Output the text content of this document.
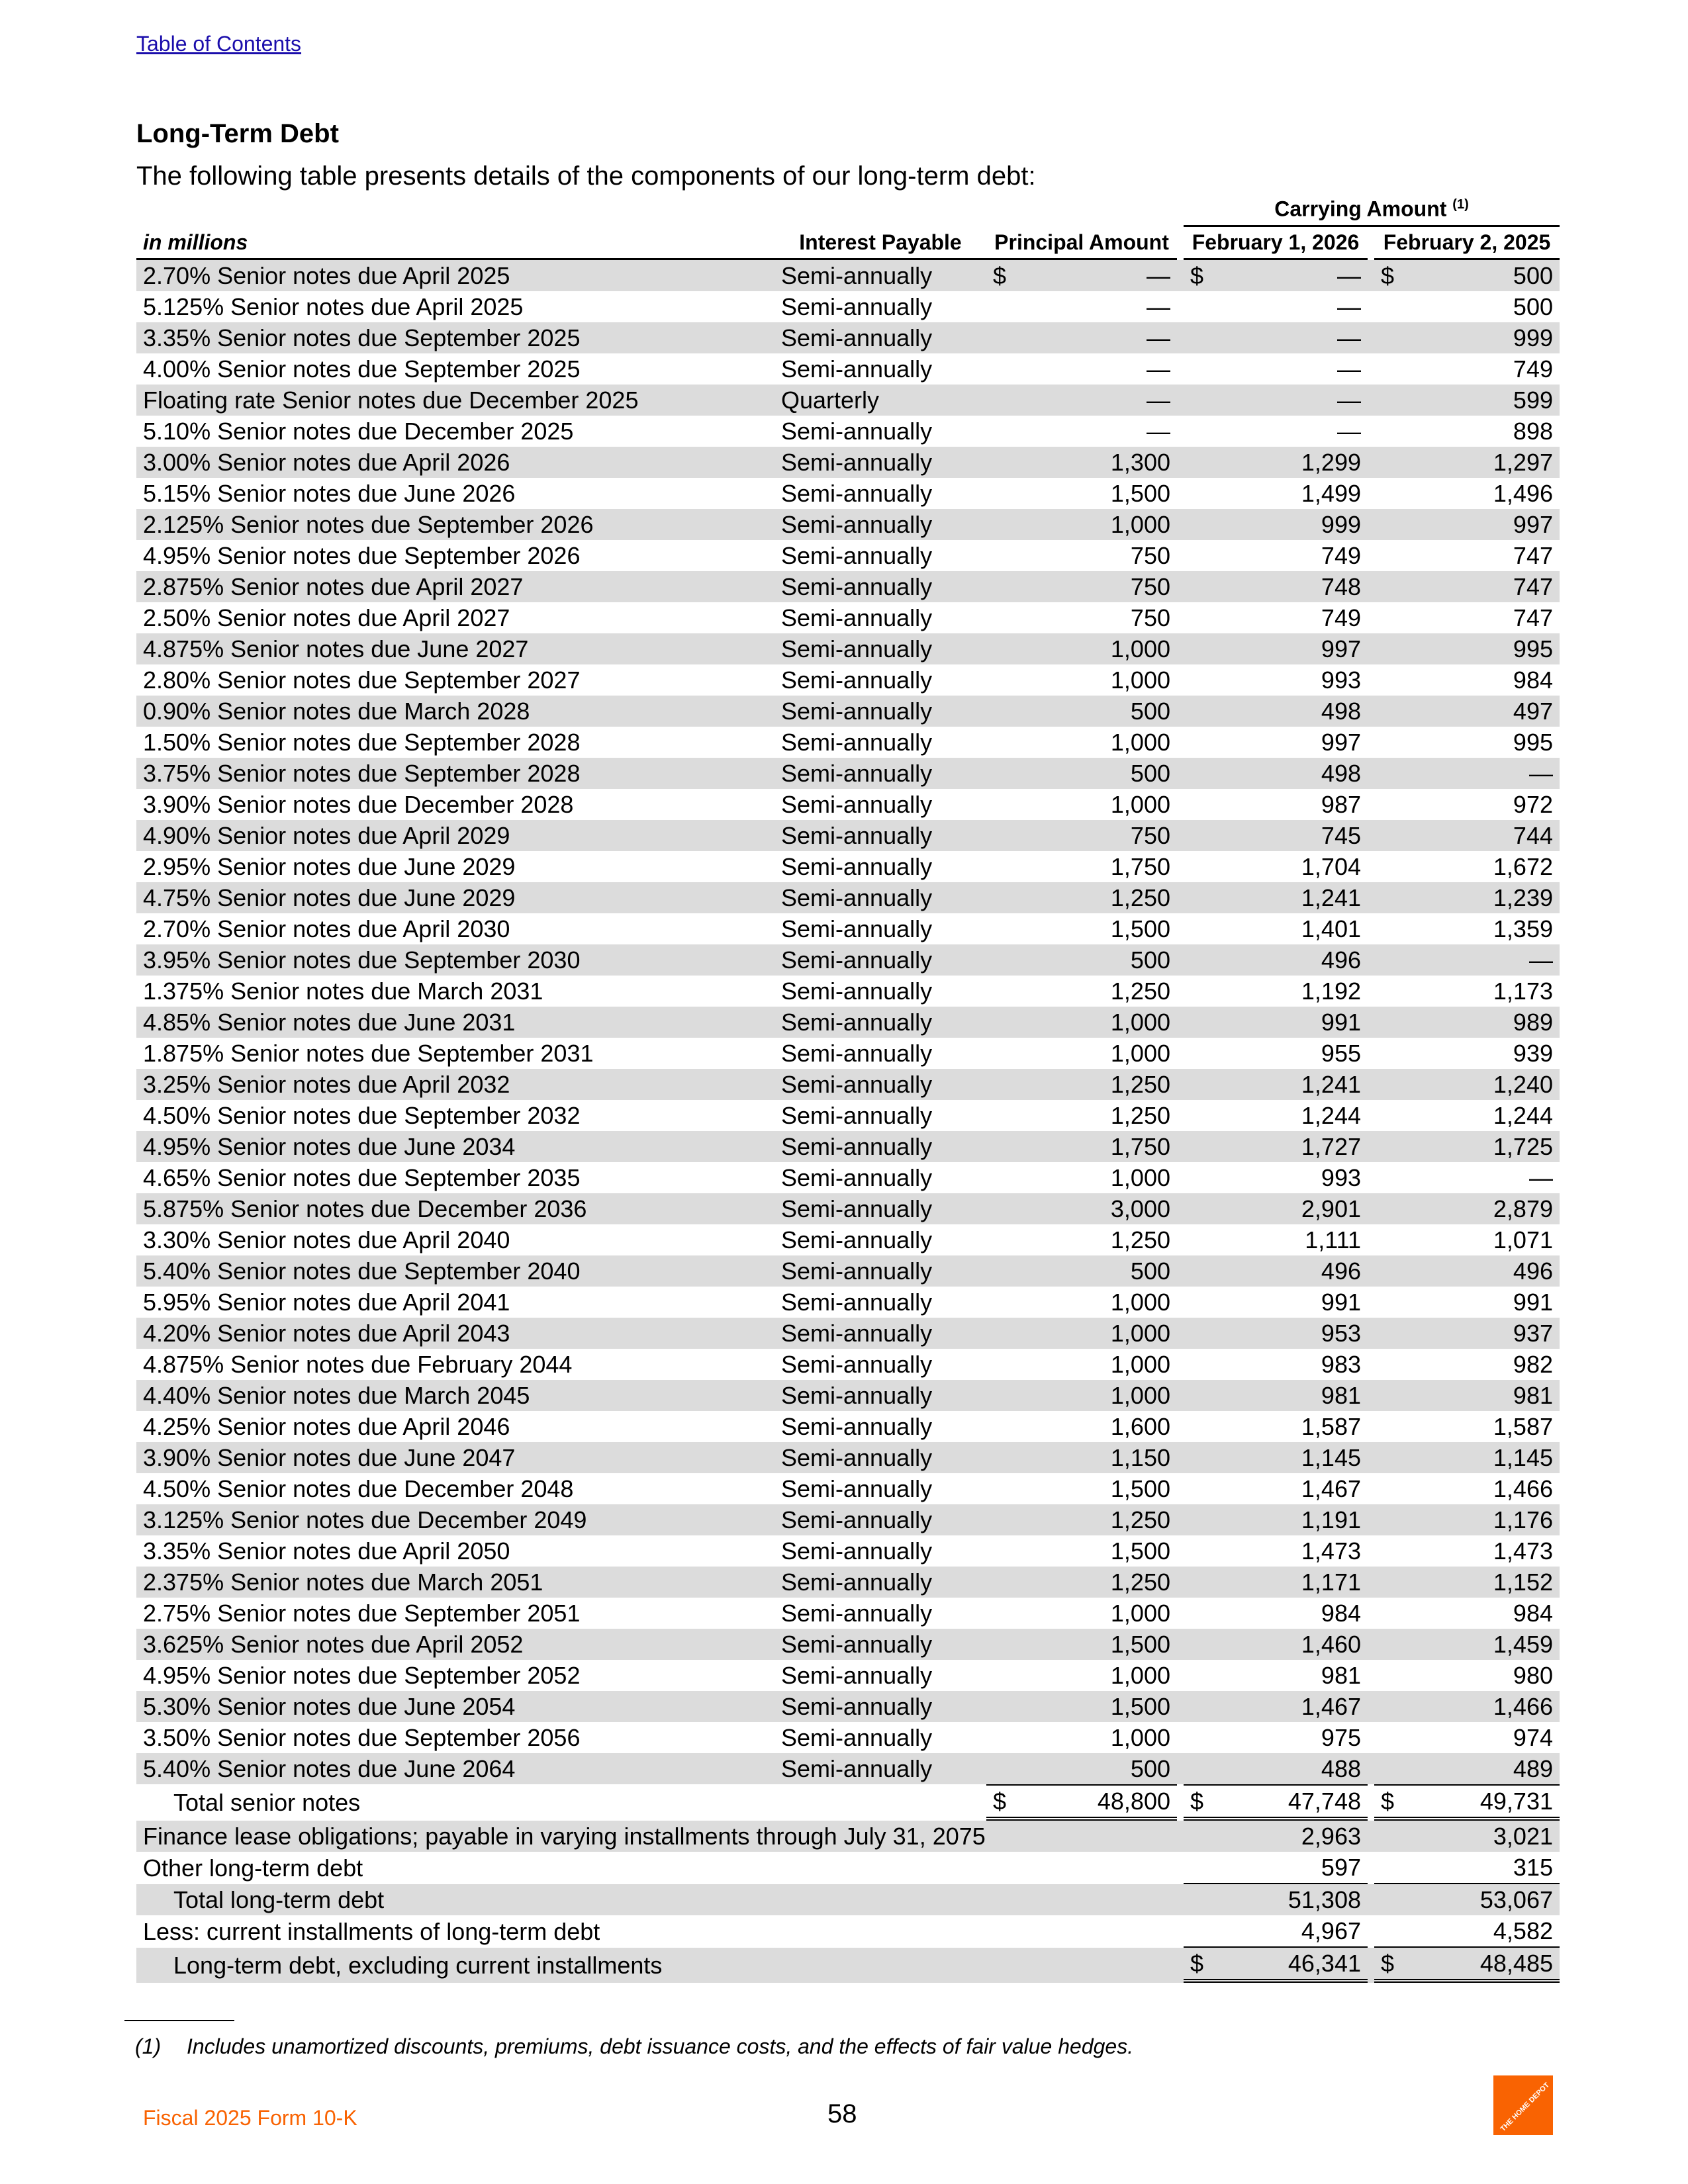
Table of Contents
Long-Term Debt
The following table presents details of the components of our long-term debt:
				Carrying Amount $^{(1)}$
in millions	Interest Payable	Principal Amount		February 1, 2026		February 2, 2025
2.70% Senior notes due April 2025	Semi-annually	$ —		$ —		$ 500
5.125% Senior notes due April 2025	Semi-annually	—		—		500
3.35% Senior notes due September 2025	Semi-annually	—		—		999
4.00% Senior notes due September 2025	Semi-annually	—		—		749
Floating rate Senior notes due December 2025	Quarterly	—		—		599
5.10% Senior notes due December 2025	Semi-annually	—		—		898
3.00% Senior notes due April 2026	Semi-annually	1,300		1,299		1,297
5.15% Senior notes due June 2026	Semi-annually	1,500		1,499		1,496
2.125% Senior notes due September 2026	Semi-annually	1,000		999		997
4.95% Senior notes due September 2026	Semi-annually	750		749		747
2.875% Senior notes due April 2027	Semi-annually	750		748		747
2.50% Senior notes due April 2027	Semi-annually	750		749		747
4.875% Senior notes due June 2027	Semi-annually	1,000		997		995
2.80% Senior notes due September 2027	Semi-annually	1,000		993		984
0.90% Senior notes due March 2028	Semi-annually	500		498		497
1.50% Senior notes due September 2028	Semi-annually	1,000		997		995
3.75% Senior notes due September 2028	Semi-annually	500		498		—
3.90% Senior notes due December 2028	Semi-annually	1,000		987		972
4.90% Senior notes due April 2029	Semi-annually	750		745		744
2.95% Senior notes due June 2029	Semi-annually	1,750		1,704		1,672
4.75% Senior notes due June 2029	Semi-annually	1,250		1,241		1,239
2.70% Senior notes due April 2030	Semi-annually	1,500		1,401		1,359
3.95% Senior notes due September 2030	Semi-annually	500		496		—
1.375% Senior notes due March 2031	Semi-annually	1,250		1,192		1,173
4.85% Senior notes due June 2031	Semi-annually	1,000		991		989
1.875% Senior notes due September 2031	Semi-annually	1,000		955		939
3.25% Senior notes due April 2032	Semi-annually	1,250		1,241		1,240
4.50% Senior notes due September 2032	Semi-annually	1,250		1,244		1,244
4.95% Senior notes due June 2034	Semi-annually	1,750		1,727		1,725
4.65% Senior notes due September 2035	Semi-annually	1,000		993		—
5.875% Senior notes due December 2036	Semi-annually	3,000		2,901		2,879
3.30% Senior notes due April 2040	Semi-annually	1,250		1,111		1,071
5.40% Senior notes due September 2040	Semi-annually	500		496		496
5.95% Senior notes due April 2041	Semi-annually	1,000		991		991
4.20% Senior notes due April 2043	Semi-annually	1,000		953		937
4.875% Senior notes due February 2044	Semi-annually	1,000		983		982
4.40% Senior notes due March 2045	Semi-annually	1,000		981		981
4.25% Senior notes due April 2046	Semi-annually	1,600		1,587		1,587
3.90% Senior notes due June 2047	Semi-annually	1,150		1,145		1,145
4.50% Senior notes due December 2048	Semi-annually	1,500		1,467		1,466
3.125% Senior notes due December 2049	Semi-annually	1,250		1,191		1,176
3.35% Senior notes due April 2050	Semi-annually	1,500		1,473		1,473
2.375% Senior notes due March 2051	Semi-annually	1,250		1,171		1,152
2.75% Senior notes due September 2051	Semi-annually	1,000		984		984
3.625% Senior notes due April 2052	Semi-annually	1,500		1,460		1,459
4.95% Senior notes due September 2052	Semi-annually	1,000		981		980
5.30% Senior notes due June 2054	Semi-annually	1,500		1,467		1,466
3.50% Senior notes due September 2056	Semi-annually	1,000		975		974
5.40% Senior notes due June 2064	Semi-annually	500		488		489
Total senior notes		$ 48,800		$ 47,748		$ 49,731
Finance lease obligations; payable in varying installments through July 31, 2075				2,963		3,021
Other long-term debt				597		315
Total long-term debt				51,308		53,067
Less: current installments of long-term debt				4,967		4,582
Long-term debt, excluding current installments				$ 46,341		$ 48,485
(1) Includes unamortized discounts, premiums, debt issuance costs, and the effects of fair value hedges.
Fiscal 2025 Form 10-K	58	THE HOME DEPOT
